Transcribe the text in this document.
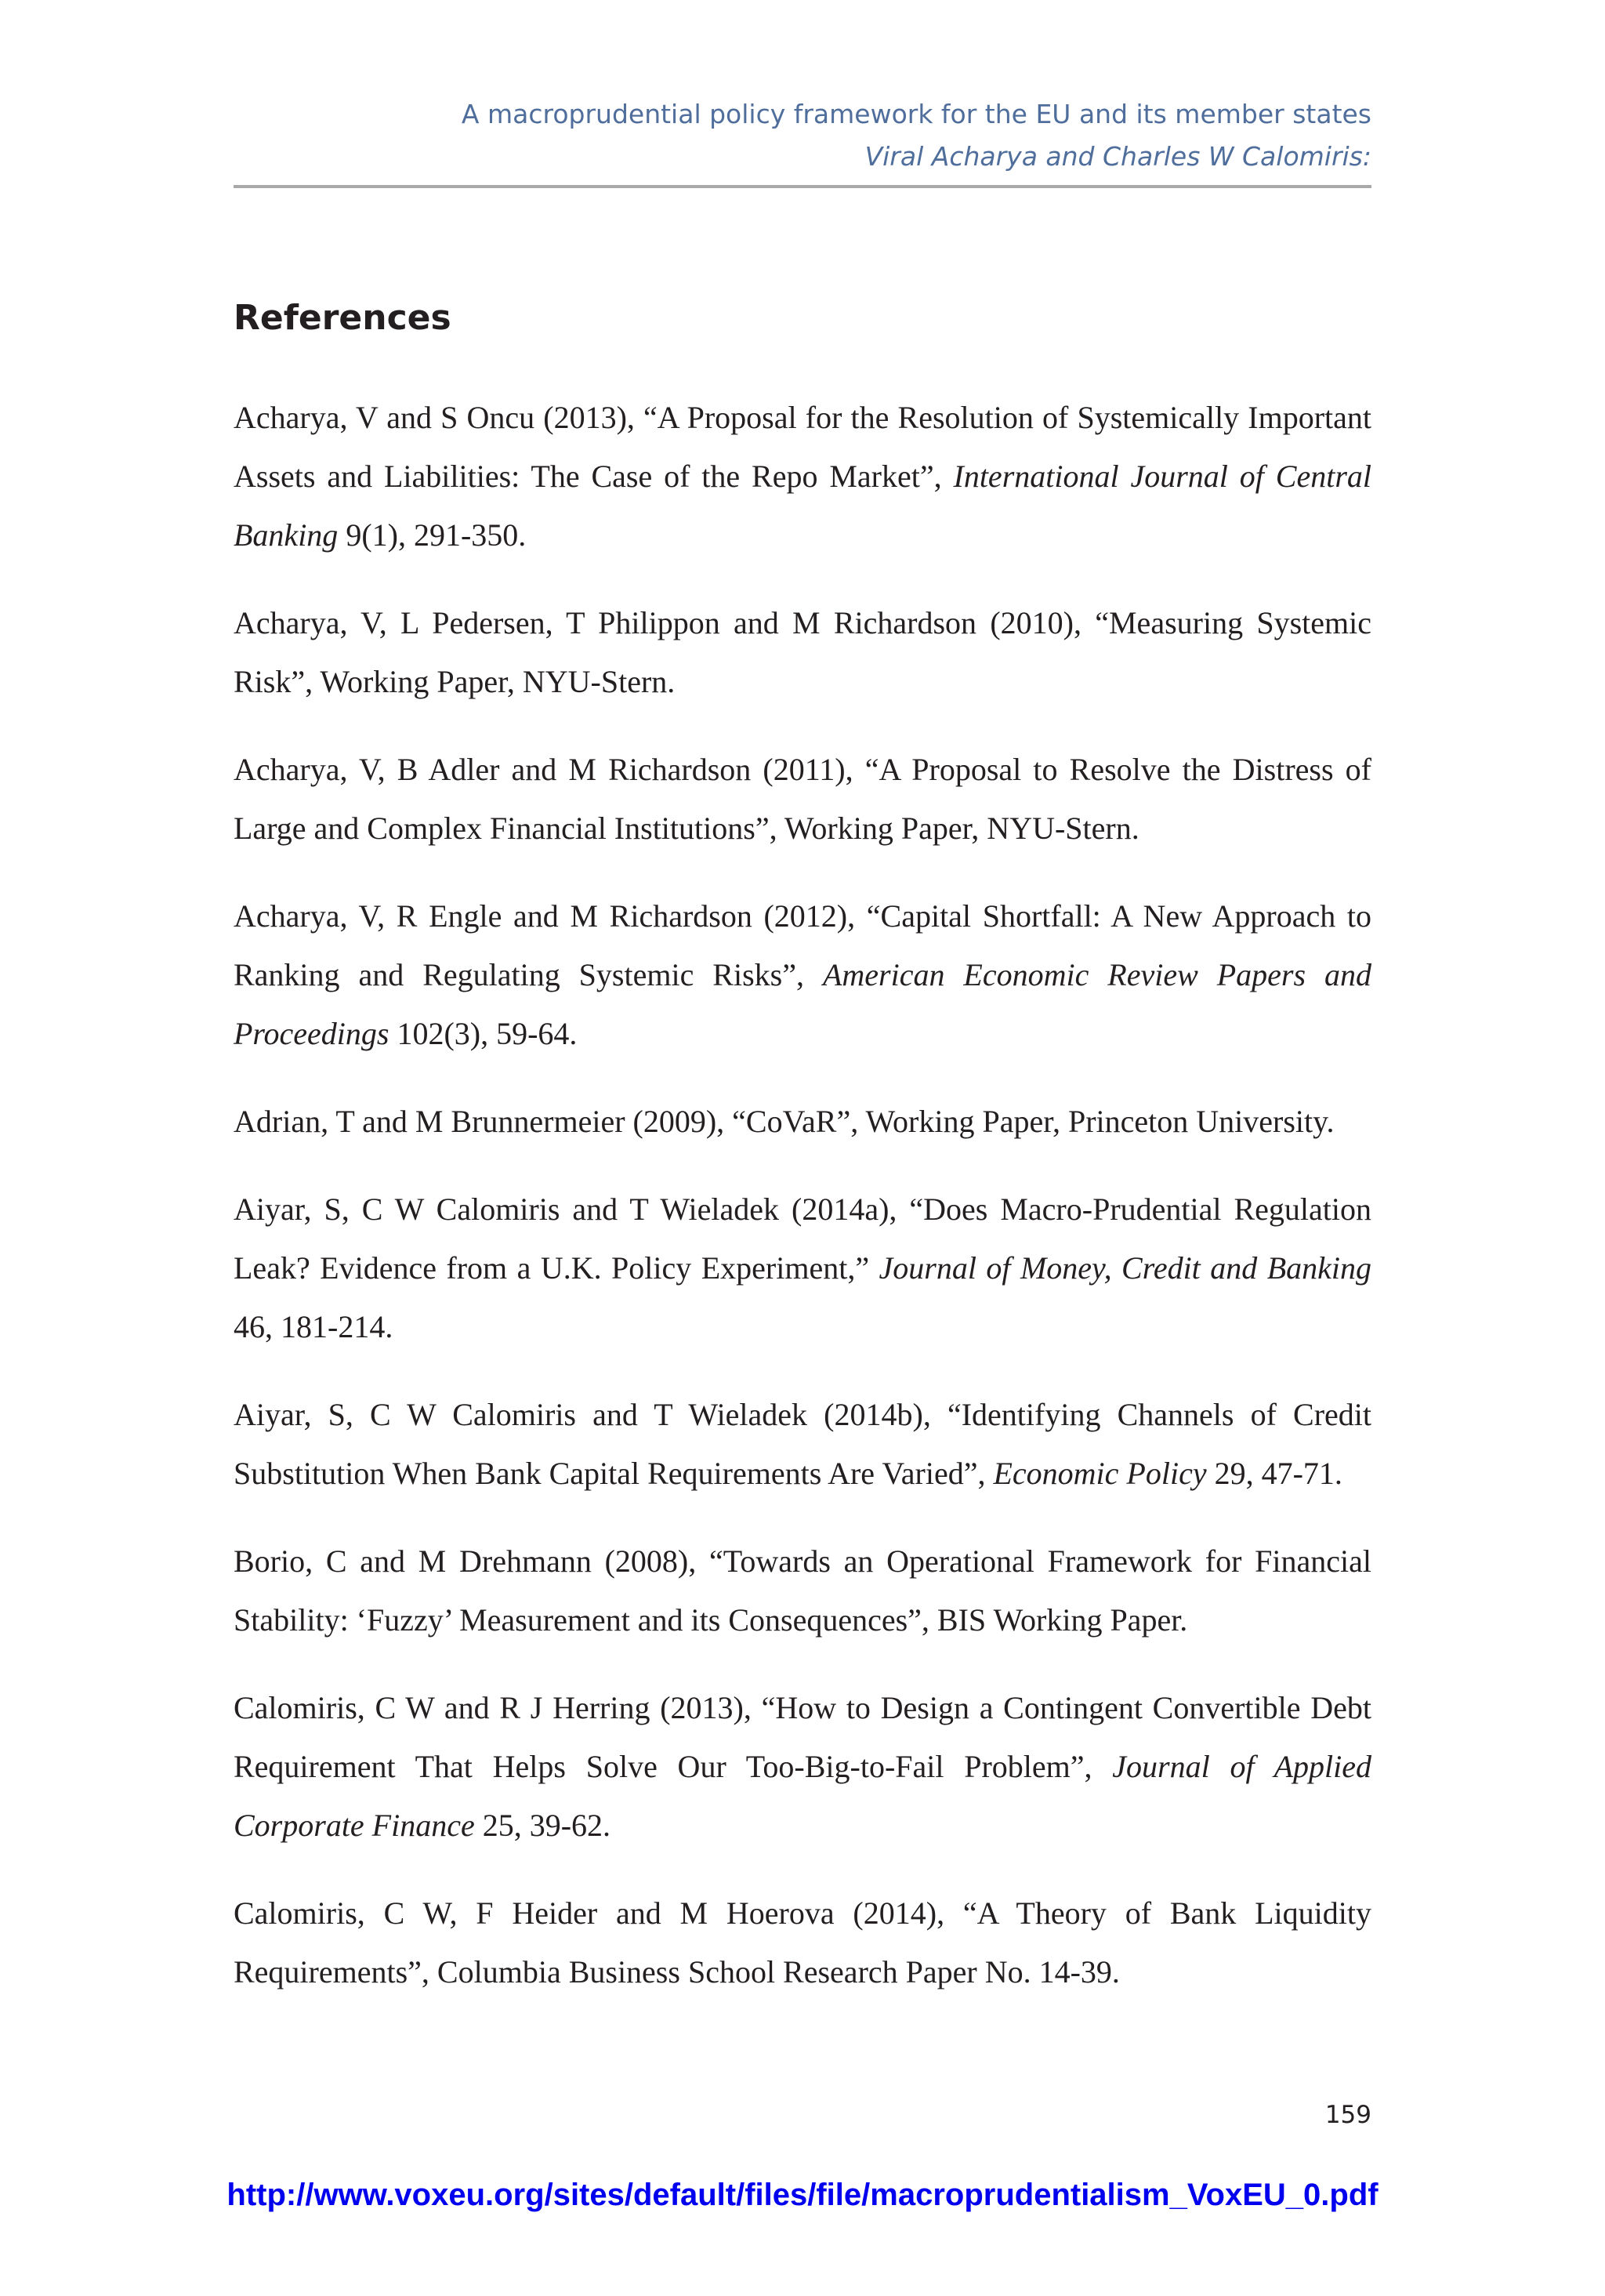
A macroprudential policy framework for the EU and its member states
Viral Acharya and Charles W Calomiris:
References
Acharya, V and S Oncu (2013), “A Proposal for the Resolution of Systemically Important Assets and Liabilities: The Case of the Repo Market”, International Journal of Central Banking 9(1), 291-350.
Acharya, V, L Pedersen, T Philippon and M Richardson (2010), “Measuring Systemic Risk”, Working Paper, NYU-Stern.
Acharya, V, B Adler and M Richardson (2011), “A Proposal to Resolve the Distress of Large and Complex Financial Institutions”, Working Paper, NYU-Stern.
Acharya, V, R Engle and M Richardson (2012), “Capital Shortfall: A New Approach to Ranking and Regulating Systemic Risks”, American Economic Review Papers and Proceedings 102(3), 59-64.
Adrian, T and M Brunnermeier (2009), “CoVaR”, Working Paper, Princeton University.
Aiyar, S, C W Calomiris and T Wieladek (2014a), “Does Macro-Prudential Regulation Leak? Evidence from a U.K. Policy Experiment,” Journal of Money, Credit and Banking 46, 181-214.
Aiyar, S, C W Calomiris and T Wieladek (2014b), “Identifying Channels of Credit Substitution When Bank Capital Requirements Are Varied”, Economic Policy 29, 47-71.
Borio, C and M Drehmann (2008), “Towards an Operational Framework for Financial Stability: ‘Fuzzy’ Measurement and its Consequences”, BIS Working Paper.
Calomiris, C W and R J Herring (2013), “How to Design a Contingent Convertible Debt Requirement That Helps Solve Our Too-Big-to-Fail Problem”, Journal of Applied Corporate Finance 25, 39-62.
Calomiris, C W, F Heider and M Hoerova (2014), “A Theory of Bank Liquidity Requirements”, Columbia Business School Research Paper No. 14-39.
159
http://www.voxeu.org/sites/default/files/file/macroprudentialism_VoxEU_0.pdf
